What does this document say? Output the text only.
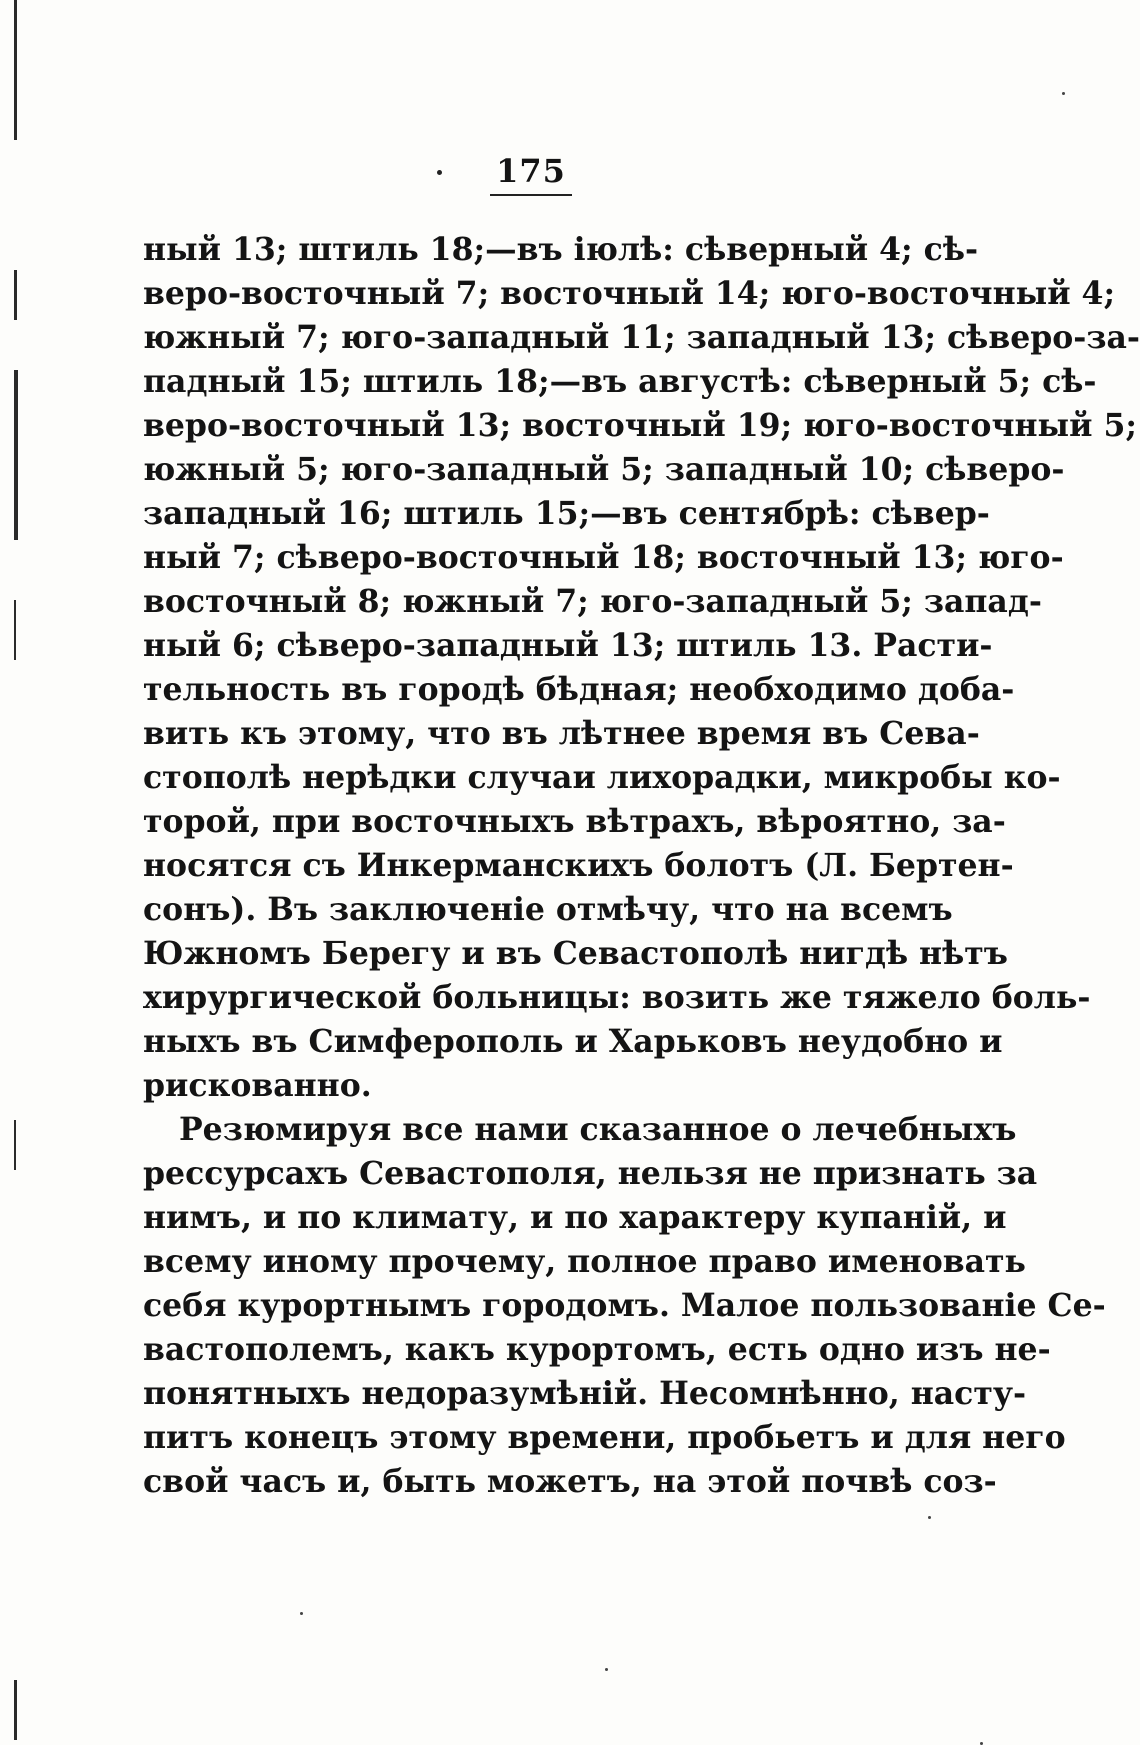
175
ный 13; штиль 18;—въ іюлѣ: сѣверный 4; сѣ-
веро-восточный 7; восточный 14; юго-восточный 4;
южный 7; юго-западный 11; западный 13; сѣверо-за-
падный 15; штиль 18;—въ августѣ: сѣверный 5; сѣ-
веро-восточный 13; восточный 19; юго-восточный 5;
южный 5; юго-западный 5; западный 10; сѣверо-
западный 16; штиль 15;—въ сентябрѣ: сѣвер-
ный 7; сѣверо-восточный 18; восточный 13; юго-
восточный 8; южный 7; юго-западный 5; запад-
ный 6; сѣверо-западный 13; штиль 13. Расти-
тельность въ городѣ бѣдная; необходимо доба-
вить къ этому, что въ лѣтнее время въ Сева-
стополѣ нерѣдки случаи лихорадки, микробы ко-
торой, при восточныхъ вѣтрахъ, вѣроятно, за-
носятся съ Инкерманскихъ болотъ (Л. Бертен-
сонъ). Въ заключеніе отмѣчу, что на всемъ
Южномъ Берегу и въ Севастополѣ нигдѣ нѣтъ
хирургической больницы: возить же тяжело боль-
ныхъ въ Симферополь и Харьковъ неудобно и
рискованно.
Резюмируя все нами сказанное о лечебныхъ
рессурсахъ Севастополя, нельзя не признать за
нимъ, и по климату, и по характеру купаній, и
всему иному прочему, полное право именовать
себя курортнымъ городомъ. Малое пользованіе Се-
вастополемъ, какъ курортомъ, есть одно изъ не-
понятныхъ недоразумѣній. Несомнѣнно, насту-
питъ конецъ этому времени, пробьетъ и для него
свой часъ и, быть можетъ, на этой почвѣ соз-
